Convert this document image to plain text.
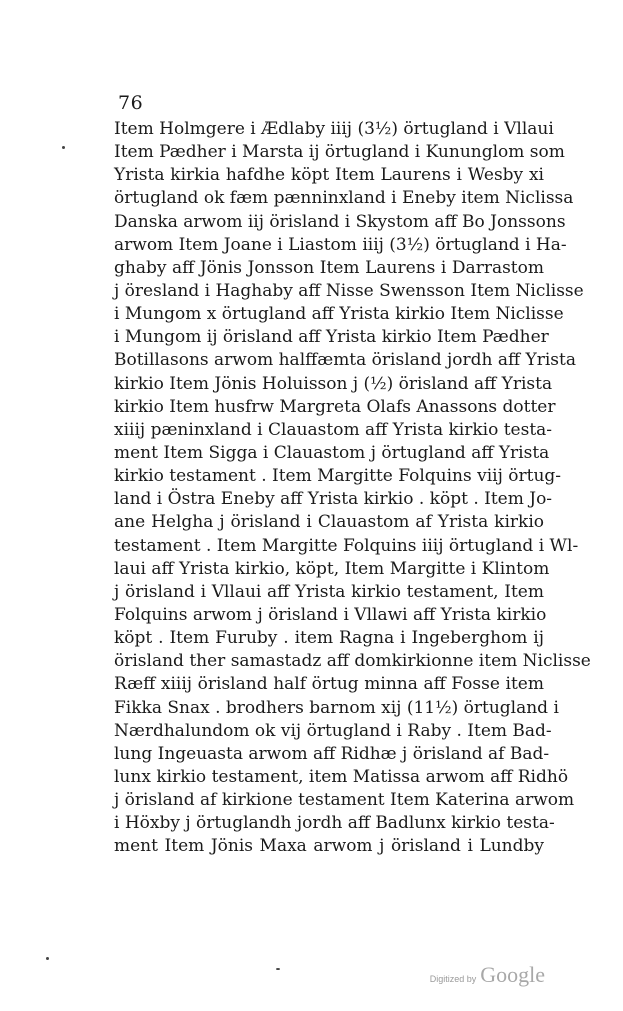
76
Item Holmgere i Ædlaby iiij (3½) örtugland i Vllaui
Item Pædher i Marsta ij örtugland i Kununglom som
Yrista kirkia hafdhe köpt Item Laurens i Wesby xi
örtugland ok fæm pænninxland i Eneby item Niclissa
Danska arwom iij örisland i Skystom aff Bo Jonssons
arwom Item Joane i Liastom iiij (3½) örtugland i Ha-
ghaby aff Jönis Jonsson Item Laurens i Darrastom
j öresland i Haghaby aff Nisse Swensson Item Niclisse
i Mungom x örtugland aff Yrista kirkio Item Niclisse
i Mungom ij örisland aff Yrista kirkio Item Pædher
Botillasons arwom halffæmta örisland jordh aff Yrista
kirkio Item Jönis Holuisson j (½) örisland aff Yrista
kirkio Item husfrw Margreta Olafs Anassons dotter
xiiij pæninxland i Clauastom aff Yrista kirkio testa-
ment Item Sigga i Clauastom j örtugland aff Yrista
kirkio testament . Item Margitte Folquins viij örtug-
land i Östra Eneby aff Yrista kirkio . köpt . Item Jo-
ane Helgha j örisland i Clauastom af Yrista kirkio
testament . Item Margitte Folquins iiij örtugland i Wl-
laui aff Yrista kirkio, köpt, Item Margitte i Klintom
j örisland i Vllaui aff Yrista kirkio testament, Item
Folquins arwom j örisland i Vllawi aff Yrista kirkio
köpt . Item Furuby . item Ragna i Ingeberghom ij
örisland ther samastadz aff domkirkionne item Niclisse
Ræff xiiij örisland half örtug minna aff Fosse item
Fikka Snax . brodhers barnom xij (11½) örtugland i
Nærdhalundom ok vij örtugland i Raby . Item Bad-
lung Ingeuasta arwom aff Ridhæ j örisland af Bad-
lunx kirkio testament, item Matissa arwom aff Ridhö
j örisland af kirkione testament Item Katerina arwom
i Höxby j örtuglandh jordh aff Badlunx kirkio testa-
ment Item Jönis Maxa arwom j örisland i Lundby
Digitized by Google
